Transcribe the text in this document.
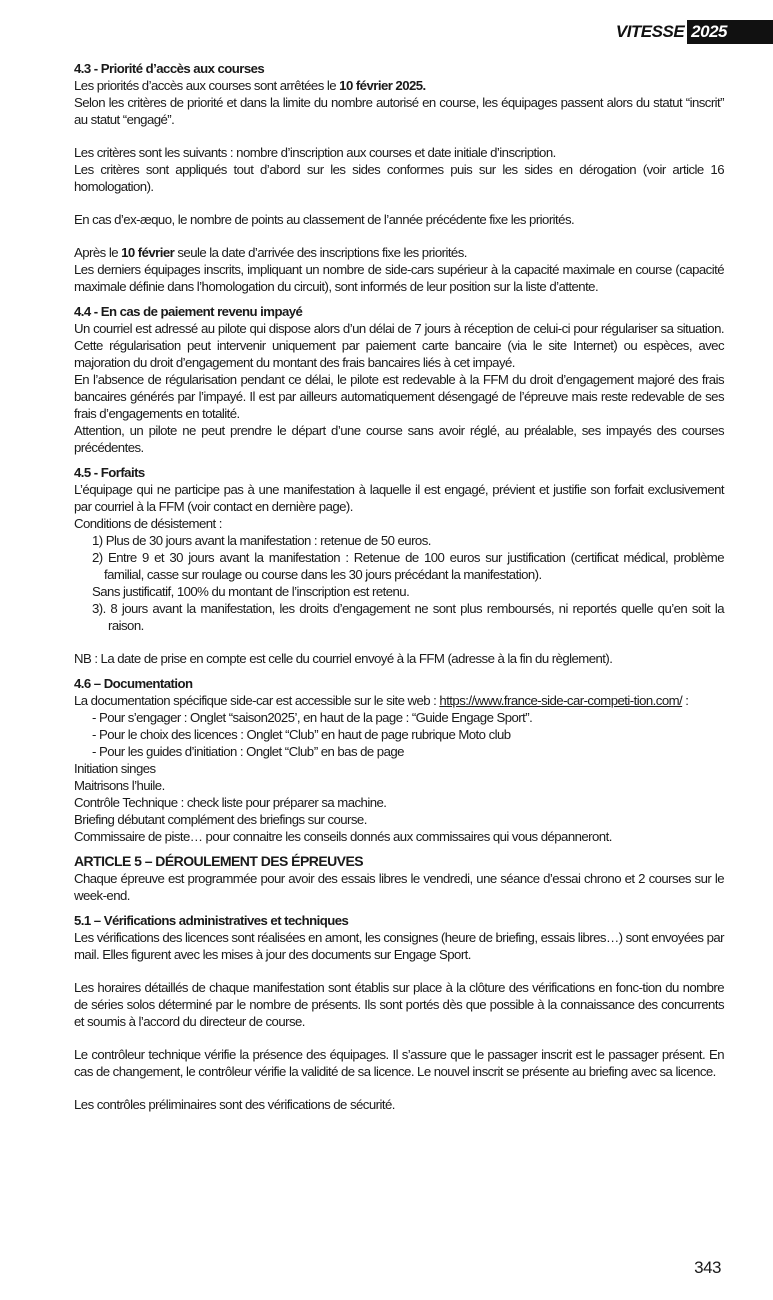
VITESSE 2025

4.3 - Priorité d’accès aux courses

Les priorités d’accès aux courses sont arrêtées le 10 février 2025.

Selon les critères de priorité et dans la limite du nombre autorisé en course, les équipages passent alors du statut “inscrit” au statut “engagé”.

Les critères sont les suivants : nombre d’inscription aux courses et date initiale d’inscription.

Les critères sont appliqués tout d’abord sur les sides conformes puis sur les sides en dérogation (voir article 16 homologation).

En cas d’ex-æquo, le nombre de points au classement de l’année précédente fixe les priorités.

Après le 10 février seule la date d’arrivée des inscriptions fixe les priorités.

Les derniers équipages inscrits, impliquant un nombre de side-cars supérieur à la capacité maximale en course (capacité maximale définie dans l’homologation du circuit), sont informés de leur position sur la liste d’attente.

4.4 - En cas de paiement revenu impayé

Un courriel est adressé au pilote qui dispose alors d’un délai de 7 jours à réception de celui-ci pour régulariser sa situation. Cette régularisation peut intervenir uniquement par paiement carte bancaire (via le site Internet) ou espèces, avec majoration du droit d’engagement du montant des frais bancaires liés à cet impayé.

En l’absence de régularisation pendant ce délai, le pilote est redevable à la FFM du droit d’engagement majoré des frais bancaires générés par l’impayé. Il est par ailleurs automatiquement désengagé de l’épreuve mais reste redevable de ses frais d’engagements en totalité.

Attention, un pilote ne peut prendre le départ d’une course sans avoir réglé, au préalable, ses impayés des courses précédentes.

4.5 - Forfaits

L’équipage qui ne participe pas à une manifestation à laquelle il est engagé, prévient et justifie son forfait exclusivement par courriel à la FFM (voir contact en dernière page).

Conditions de désistement :

1) Plus de 30 jours avant la manifestation : retenue de 50 euros.
2) Entre 9 et 30 jours avant la manifestation : Retenue de 100 euros sur justification (certificat médical, problème familial, casse sur roulage ou course dans les 30 jours précédant la manifestation).

Sans justificatif, 100% du montant de l’inscription est retenu.

3). 8 jours avant la manifestation, les droits d’engagement ne sont plus remboursés, ni reportés quelle qu’en soit la raison.

NB : La date de prise en compte est celle du courriel envoyé à la FFM (adresse à la fin du règlement).

4.6 – Documentation

La documentation spécifique side-car est accessible sur le site web : https://www.france-side-car-competi-tion.com/ :

- Pour s’engager : Onglet “saison2025’, en haut de la page : “Guide Engage Sport”.

- Pour le choix des licences : Onglet “Club’’ en haut de page rubrique Moto club

- Pour les guides d’initiation : Onglet “Club’’ en bas de page

Initiation singes

Maitrisons l’huile.

Contrôle Technique : check liste pour préparer sa machine.

Briefing débutant complément des briefings sur course.

Commissaire de piste… pour connaitre les conseils donnés aux commissaires qui vous dépanneront.

ARTICLE 5 – DÉROULEMENT DES ÉPREUVES

Chaque épreuve est programmée pour avoir des essais libres le vendredi, une séance d’essai chrono et 2 courses sur le week-end.

5.1 – Vérifications administratives et techniques

Les vérifications des licences sont réalisées en amont, les consignes (heure de briefing, essais libres…) sont envoyées par mail. Elles figurent avec les mises à jour des documents sur Engage Sport.

Les horaires détaillés de chaque manifestation sont établis sur place à la clôture des vérifications en fonc-tion du nombre de séries solos déterminé par le nombre de présents. Ils sont portés dès que possible à la connaissance des concurrents et soumis à l’accord du directeur de course.

Le contrôleur technique vérifie la présence des équipages. Il s’assure que le passager inscrit est le passager présent. En cas de changement, le contrôleur vérifie la validité de sa licence. Le nouvel inscrit se présente au briefing avec sa licence.

Les contrôles préliminaires sont des vérifications de sécurité.

343
